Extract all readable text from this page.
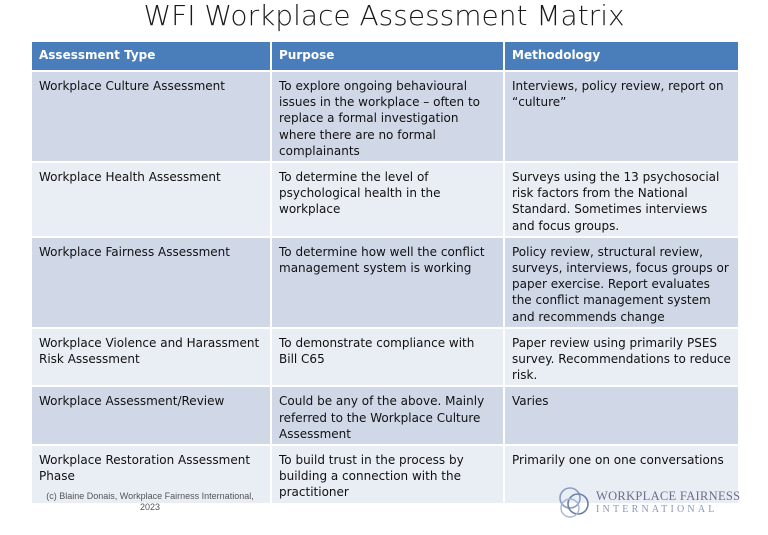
WFI Workplace Assessment Matrix
Assessment Type	Purpose	Methodology
Workplace Culture Assessment	To explore ongoing behavioural issues in the workplace – often to replace a formal investigation where there are no formal complainants	Interviews, policy review, report on “culture”
Workplace Health Assessment	To determine the level of psychological health in the workplace	Surveys using the 13 psychosocial risk factors from the National Standard. Sometimes interviews and focus groups.
Workplace Fairness Assessment	To determine how well the conflict management system is working	Policy review, structural review, surveys, interviews, focus groups or paper exercise. Report evaluates the conflict management system and recommends change
Workplace Violence and Harassment Risk Assessment	To demonstrate compliance with Bill C65	Paper review using primarily PSES survey. Recommendations to reduce risk.
Workplace Assessment/Review	Could be any of the above. Mainly referred to the Workplace Culture Assessment	Varies
Workplace Restoration Assessment Phase	To build trust in the process by building a connection with the practitioner	Primarily one on one conversations
(c) Blaine Donais, Workplace Fairness International,
2023
WORKPLACE FAIRNESS
INTERNATIONAL
